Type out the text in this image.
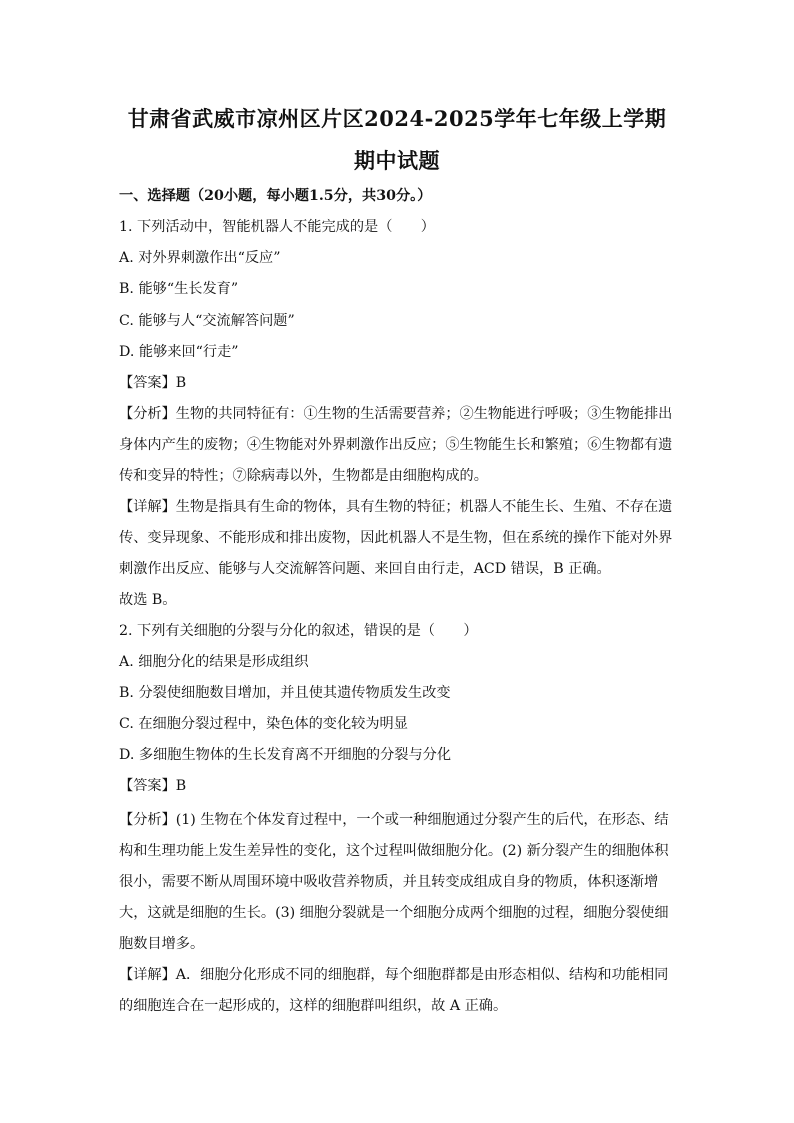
甘肃省武威市凉州区片区2024-2025学年七年级上学期
期中试题
一、选择题（20小题，每小题1.5分，共30分。）
1. 下列活动中，智能机器人不能完成的是（　　）
A. 对外界刺激作出“反应”
B. 能够“生长发育”
C. 能够与人“交流解答问题”
D. 能够来回“行走”
【答案】B
【分析】生物的共同特征有：①生物的生活需要营养；②生物能进行呼吸；③生物能排出
身体内产生的废物；④生物能对外界刺激作出反应；⑤生物能生长和繁殖；⑥生物都有遗
传和变异的特性；⑦除病毒以外，生物都是由细胞构成的。
【详解】生物是指具有生命的物体，具有生物的特征；机器人不能生长、生殖、不存在遗
传、变异现象、不能形成和排出废物，因此机器人不是生物，但在系统的操作下能对外界
刺激作出反应、能够与人交流解答问题、来回自由行走，ACD 错误，B 正确。
故选 B。
2. 下列有关细胞的分裂与分化的叙述，错误的是（　　）
A. 细胞分化的结果是形成组织
B. 分裂使细胞数目增加，并且使其遗传物质发生改变
C. 在细胞分裂过程中，染色体的变化较为明显
D. 多细胞生物体的生长发育离不开细胞的分裂与分化
【答案】B
【分析】(1) 生物在个体发育过程中，一个或一种细胞通过分裂产生的后代，在形态、结
构和生理功能上发生差异性的变化，这个过程叫做细胞分化。(2) 新分裂产生的细胞体积
很小，需要不断从周围环境中吸收营养物质，并且转变成组成自身的物质，体积逐渐增
大，这就是细胞的生长。(3) 细胞分裂就是一个细胞分成两个细胞的过程，细胞分裂使细
胞数目增多。
【详解】A．细胞分化形成不同的细胞群，每个细胞群都是由形态相似、结构和功能相同
的细胞连合在一起形成的，这样的细胞群叫组织，故 A 正确。
